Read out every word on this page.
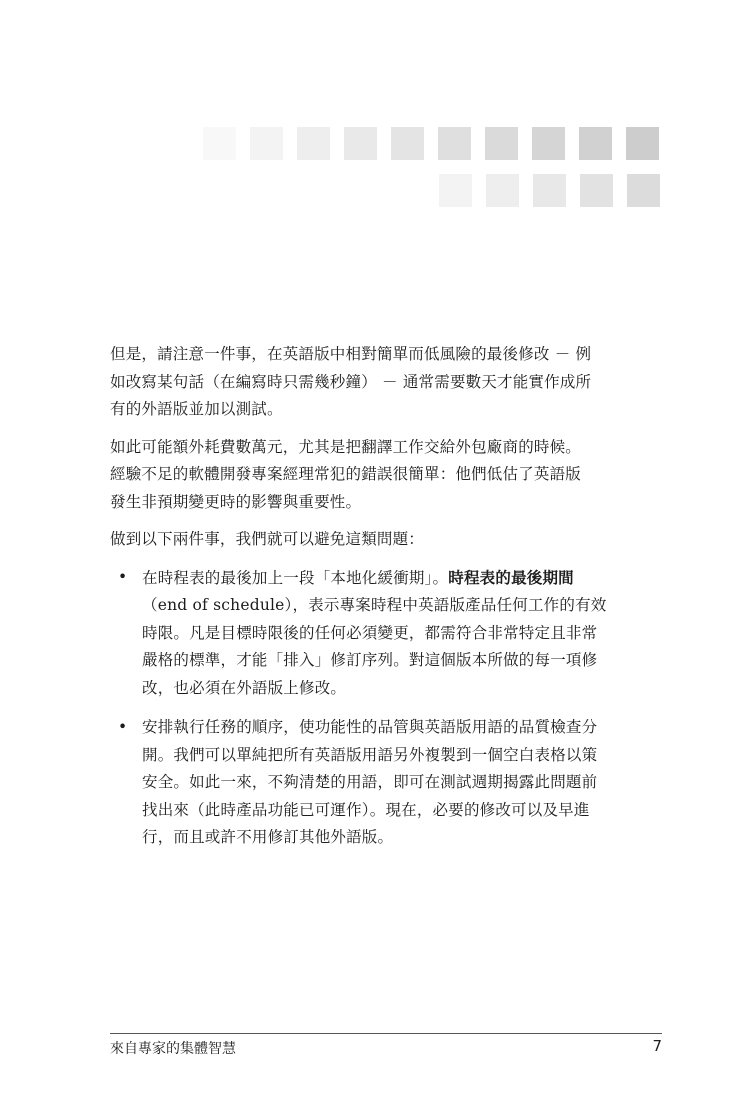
但是，請注意一件事，在英語版中相對簡單而低風險的最後修改 － 例
如改寫某句話（在編寫時只需幾秒鐘） － 通常需要數天才能實作成所
有的外語版並加以測試。

如此可能額外耗費數萬元，尤其是把翻譯工作交給外包廠商的時候。
經驗不足的軟體開發專案經理常犯的錯誤很簡單：他們低估了英語版
發生非預期變更時的影響與重要性。

做到以下兩件事，我們就可以避免這類問題：

• 在時程表的最後加上一段「本地化緩衝期」。時程表的最後期間
（end of schedule），表示專案時程中英語版產品任何工作的有效
時限。凡是目標時限後的任何必須變更，都需符合非常特定且非常
嚴格的標準，才能「排入」修訂序列。對這個版本所做的每一項修
改，也必須在外語版上修改。
• 安排執行任務的順序，使功能性的品管與英語版用語的品質檢查分
開。我們可以單純把所有英語版用語另外複製到一個空白表格以策
安全。如此一來，不夠清楚的用語，即可在測試週期揭露此問題前
找出來（此時產品功能已可運作）。現在，必要的修改可以及早進
行，而且或許不用修訂其他外語版。
來自專家的集體智慧	7
